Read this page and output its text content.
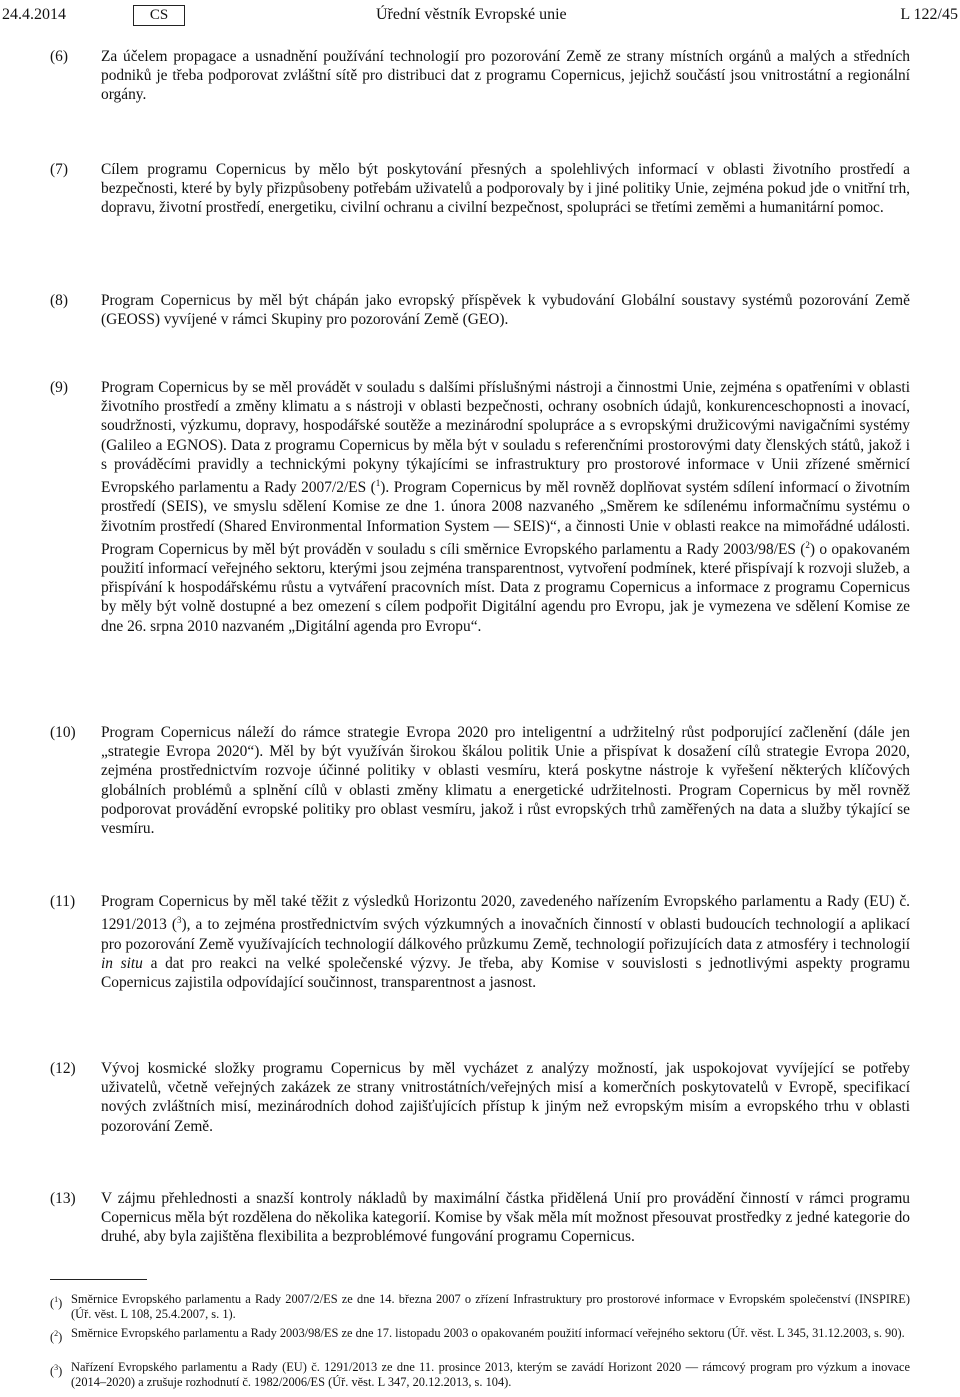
24.4.2014	CS	Úřední věstník Evropské unie	L 122/45
(6) Za účelem propagace a usnadnění používání technologií pro pozorování Země ze strany místních orgánů a malých a středních podniků je třeba podporovat zvláštní sítě pro distribuci dat z programu Copernicus, jejichž součástí jsou vnitrostátní a regionální orgány.
(7) Cílem programu Copernicus by mělo být poskytování přesných a spolehlivých informací v oblasti životního prostředí a bezpečnosti, které by byly přizpůsobeny potřebám uživatelů a podporovaly by i jiné politiky Unie, zejména pokud jde o vnitřní trh, dopravu, životní prostředí, energetiku, civilní ochranu a civilní bezpečnost, spolupráci se třetími zeměmi a humanitární pomoc.
(8) Program Copernicus by měl být chápán jako evropský příspěvek k vybudování Globální soustavy systémů pozorování Země (GEOSS) vyvíjené v rámci Skupiny pro pozorování Země (GEO).
(9) Program Copernicus by se měl provádět v souladu s dalšími příslušnými nástroji a činnostmi Unie, zejména s opatřeními v oblasti životního prostředí a změny klimatu a s nástroji v oblasti bezpečnosti, ochrany osobních údajů, konkurenceschopnosti a inovací, soudržnosti, výzkumu, dopravy, hospodářské soutěže a mezinárodní spolupráce a s evropskými družicovými navigačními systémy (Galileo a EGNOS). Data z programu Copernicus by měla být v souladu s referenčními prostorovými daty členských států, jakož i s prováděcími pravidly a technickými pokyny týkajícími se infrastruktury pro prostorové informace v Unii zřízené směrnicí Evropského parlamentu a Rady 2007/2/ES ($^1$). Program Copernicus by měl rovněž doplňovat systém sdílení informací o životním prostředí (SEIS), ve smyslu sdělení Komise ze dne 1. února 2008 nazvaného „Směrem ke sdílenému informačnímu systému o životním prostředí (Shared Environmental Information System — SEIS)“, a činnosti Unie v oblasti reakce na mimořádné události. Program Copernicus by měl být prováděn v souladu s cíli směrnice Evropského parlamentu a Rady 2003/98/ES ($^2$) o opakovaném použití informací veřejného sektoru, kterými jsou zejména transparentnost, vytvoření podmínek, které přispívají k rozvoji služeb, a přispívání k hospodářskému růstu a vytváření pracovních míst. Data z programu Copernicus a informace z programu Copernicus by měly být volně dostupné a bez omezení s cílem podpořit Digitální agendu pro Evropu, jak je vymezena ve sdělení Komise ze dne 26. srpna 2010 nazvaném „Digitální agenda pro Evropu“.
(10) Program Copernicus náleží do rámce strategie Evropa 2020 pro inteligentní a udržitelný růst podporující začlenění (dále jen „strategie Evropa 2020“). Měl by být využíván širokou škálou politik Unie a přispívat k dosažení cílů strategie Evropa 2020, zejména prostřednictvím rozvoje účinné politiky v oblasti vesmíru, která poskytne nástroje k vyřešení některých klíčových globálních problémů a splnění cílů v oblasti změny klimatu a energetické udržitelnosti. Program Copernicus by měl rovněž podporovat provádění evropské politiky pro oblast vesmíru, jakož i růst evropských trhů zaměřených na data a služby týkající se vesmíru.
(11) Program Copernicus by měl také těžit z výsledků Horizontu 2020, zavedeného nařízením Evropského parlamentu a Rady (EU) č. 1291/2013 ($^3$), a to zejména prostřednictvím svých výzkumných a inovačních činností v oblasti budoucích technologií a aplikací pro pozorování Země využívajících technologií dálkového průzkumu Země, technologií pořizujících data z atmosféry i technologií in situ a dat pro reakci na velké společenské výzvy. Je třeba, aby Komise v souvislosti s jednotlivými aspekty programu Copernicus zajistila odpovídající součinnost, transparentnost a jasnost.
(12) Vývoj kosmické složky programu Copernicus by měl vycházet z analýzy možností, jak uspokojovat vyvíjející se potřeby uživatelů, včetně veřejných zakázek ze strany vnitrostátních/veřejných misí a komerčních poskytovatelů v Evropě, specifikací nových zvláštních misí, mezinárodních dohod zajišťujících přístup k jiným než evropským misím a evropského trhu v oblasti pozorování Země.
(13) V zájmu přehlednosti a snazší kontroly nákladů by maximální částka přidělená Unií pro provádění činností v rámci programu Copernicus měla být rozdělena do několika kategorií. Komise by však měla mít možnost přesouvat prostředky z jedné kategorie do druhé, aby byla zajištěna flexibilita a bezproblémové fungování programu Copernicus.
($^1$) Směrnice Evropského parlamentu a Rady 2007/2/ES ze dne 14. března 2007 o zřízení Infrastruktury pro prostorové informace v Evropském společenství (INSPIRE) (Úř. věst. L 108, 25.4.2007, s. 1).
($^2$) Směrnice Evropského parlamentu a Rady 2003/98/ES ze dne 17. listopadu 2003 o opakovaném použití informací veřejného sektoru (Úř. věst. L 345, 31.12.2003, s. 90).
($^3$) Nařízení Evropského parlamentu a Rady (EU) č. 1291/2013 ze dne 11. prosince 2013, kterým se zavádí Horizont 2020 — rámcový program pro výzkum a inovace (2014–2020) a zrušuje rozhodnutí č. 1982/2006/ES (Úř. věst. L 347, 20.12.2013, s. 104).
